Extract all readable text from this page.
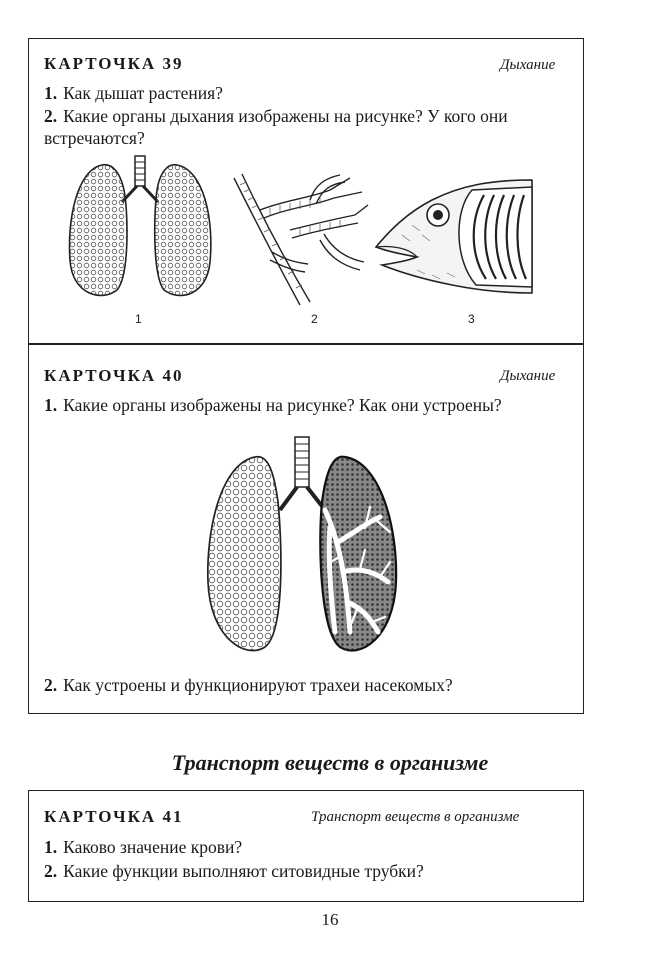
КАРТОЧКА 39	Дыхание
1. Как дышат растения?
2. Какие органы дыхания изображены на рисунке? У кого они встречаются?
1	2	3
КАРТОЧКА 40	Дыхание
1. Какие органы изображены на рисунке? Как они устроены?
2. Как устроены и функционируют трахеи насекомых?
Транспорт веществ в организме
КАРТОЧКА 41	Транспорт веществ в организме
1. Каково значение крови?
2. Какие функции выполняют ситовидные трубки?
16
